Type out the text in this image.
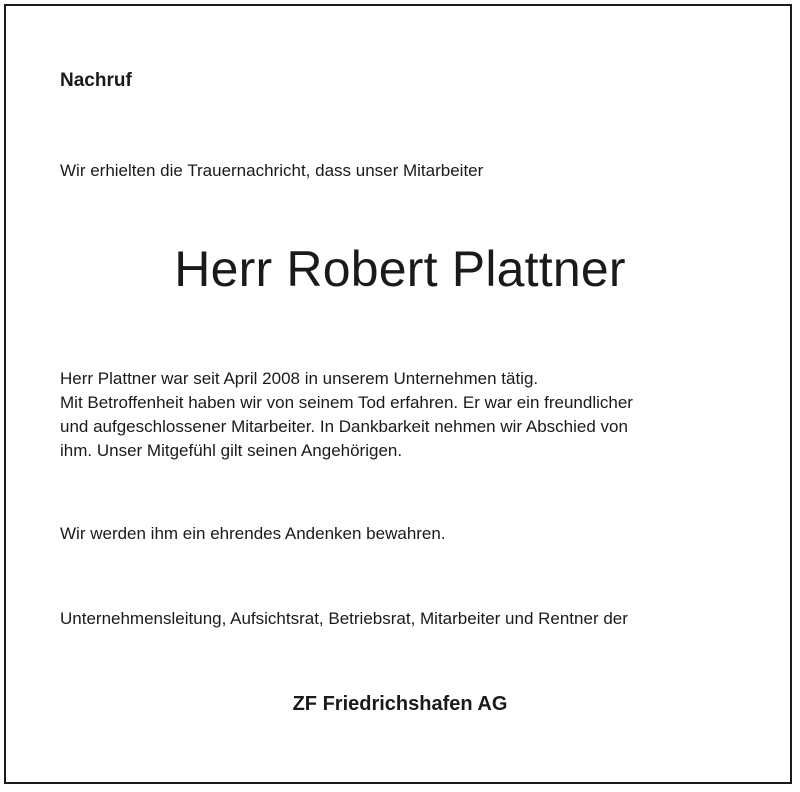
Nachruf

Wir erhielten die Trauernachricht, dass unser Mitarbeiter

Herr Robert Plattner

Herr Plattner war seit April 2008 in unserem Unternehmen tätig.
Mit Betroffenheit haben wir von seinem Tod erfahren. Er war ein freundlicher
und aufgeschlossener Mitarbeiter. In Dankbarkeit nehmen wir Abschied von
ihm. Unser Mitgefühl gilt seinen Angehörigen.

Wir werden ihm ein ehrendes Andenken bewahren.

Unternehmensleitung, Aufsichtsrat, Betriebsrat, Mitarbeiter und Rentner der

ZF Friedrichshafen AG
